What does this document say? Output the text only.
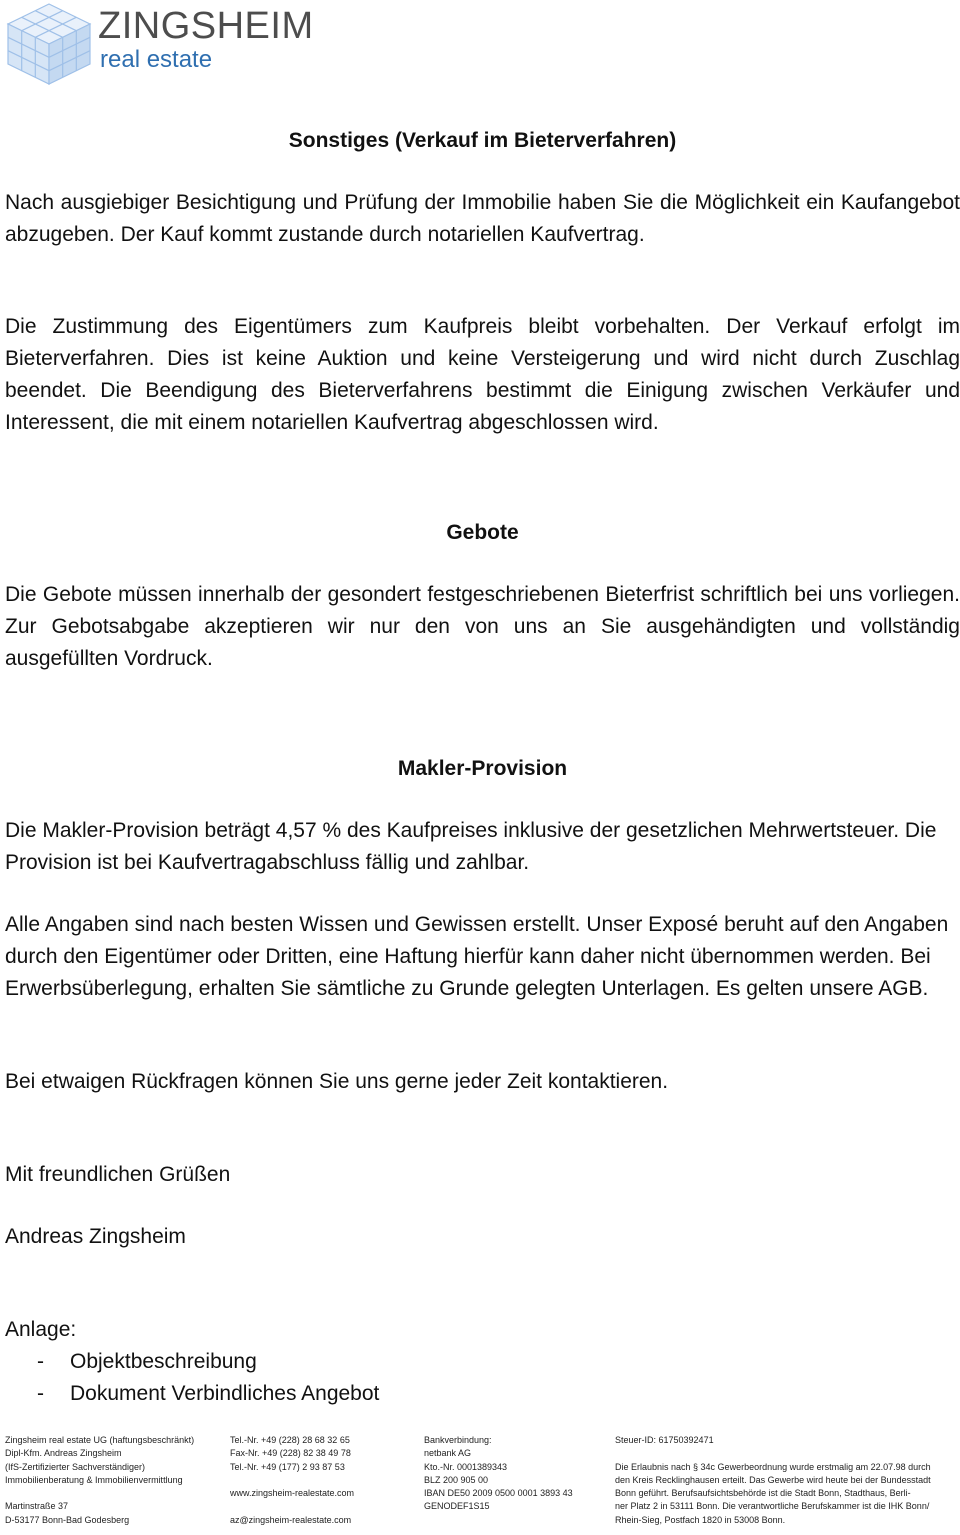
ZINGSHEIM
real estate
Sonstiges (Verkauf im Bieterverfahren)

Nach ausgiebiger Besichtigung und Prüfung der Immobilie haben Sie die Möglichkeit ein Kaufangebot abzugeben. Der Kauf kommt zustande durch notariellen Kaufvertrag.

Die Zustimmung des Eigentümers zum Kaufpreis bleibt vorbehalten. Der Verkauf erfolgt im Bieterverfahren. Dies ist keine Auktion und keine Versteigerung und wird nicht durch Zuschlag beendet. Die Beendigung des Bieterverfahrens bestimmt die Einigung zwischen Verkäufer und Interessent, die mit einem notariellen Kaufvertrag abgeschlossen wird.

Gebote

Die Gebote müssen innerhalb der gesondert festgeschriebenen Bieterfrist schriftlich bei uns vorliegen. Zur Gebotsabgabe akzeptieren wir nur den von uns an Sie ausgehändigten und vollständig ausgefüllten Vordruck.

Makler-Provision

Die Makler-Provision beträgt 4,57 % des Kaufpreises inklusive der gesetzlichen Mehrwertsteuer. Die Provision ist bei Kaufvertragabschluss fällig und zahlbar.

Alle Angaben sind nach besten Wissen und Gewissen erstellt. Unser Exposé beruht auf den Angaben durch den Eigentümer oder Dritten, eine Haftung hierfür kann daher nicht übernommen werden. Bei Erwerbsüberlegung, erhalten Sie sämtliche zu Grunde gelegten Unterlagen. Es gelten unsere AGB.

Bei etwaigen Rückfragen können Sie uns gerne jeder Zeit kontaktieren.

Mit freundlichen Grüßen

Andreas Zingsheim

Anlage:

- Objektbeschreibung
- Dokument Verbindliches Angebot
Zingsheim real estate UG (haftungsbeschränkt)
Dipl-Kfm. Andreas Zingsheim
(IfS-Zertifizierter Sachverständiger)
Immobilienberatung & Immobilienvermittlung
Martinstraße 37
D-53177 Bonn-Bad Godesberg
Tel.-Nr. +49 (228) 28 68 32 65
Fax-Nr. +49 (228) 82 38 49 78
Tel.-Nr. +49 (177) 2 93 87 53
www.zingsheim-realestate.com
az@zingsheim-realestate.com
Bankverbindung:
netbank AG
Kto.-Nr. 0001389343
BLZ 200 905 00
IBAN DE50 2009 0500 0001 3893 43
GENODEF1S15
Steuer-ID: 61750392471
Die Erlaubnis nach § 34c Gewerbeordnung wurde erstmalig am 22.07.98 durch
den Kreis Recklinghausen erteilt. Das Gewerbe wird heute bei der Bundesstadt
Bonn geführt. Berufsaufsichtsbehörde ist die Stadt Bonn, Stadthaus, Berli-
ner Platz 2 in 53111 Bonn. Die verantwortliche Berufskammer ist die IHK Bonn/
Rhein-Sieg, Postfach 1820 in 53008 Bonn.
